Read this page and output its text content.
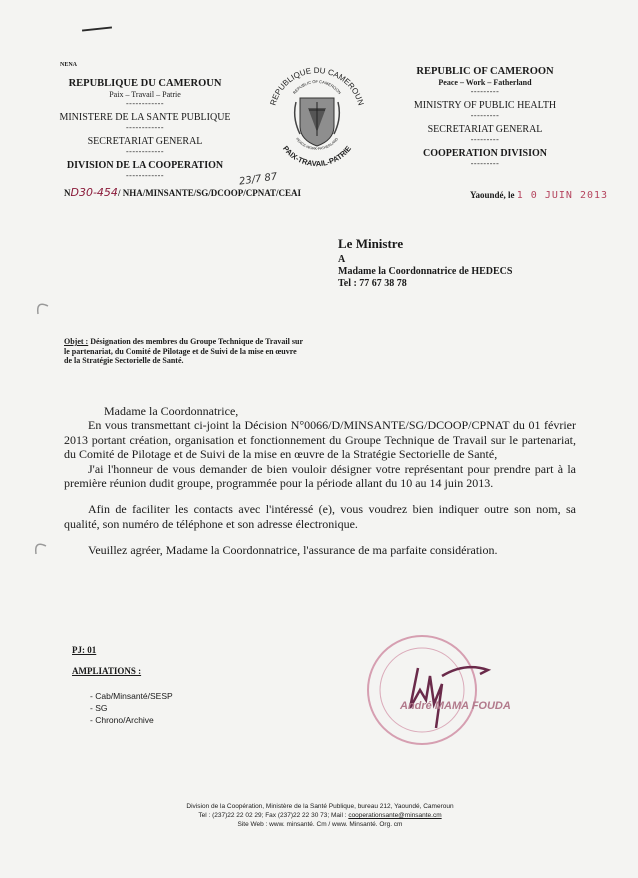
NENA
REPUBLIQUE DU CAMEROUN
Paix – Travail – Patrie
------------
MINISTERE DE LA SANTE PUBLIQUE
------------
SECRETARIAT GENERAL
------------
DIVISION DE LA COOPERATION
------------
REPUBLIQUE DU CAMEROUN
REPUBLIC OF CAMEROON
PEACE-WORK-FATHERLAND
PAIX-TRAVAIL-PATRIE
REPUBLIC OF CAMEROON
Peace – Work – Fatherland
---------
MINISTRY OF PUBLIC HEALTH
---------
SECRETARIAT GENERAL
---------
COOPERATION DIVISION
---------
ND30-454/ NHA/MINSANTE/SG/DCOOP/CPNAT/CEAI
23/7 87
Yaoundé, le 1 0 JUIN 2013
Le Ministre
A
Madame la Coordonnatrice de HEDECS
Tel : 77 67 38 78
Objet : Désignation des membres du Groupe Technique de Travail sur le partenariat, du Comité de Pilotage et de Suivi de la mise en œuvre de la Stratégie Sectorielle de Santé.

Madame la Coordonnatrice,

En vous transmettant ci-joint la Décision N°0066/D/MINSANTE/SG/DCOOP/CPNAT du 01 février 2013 portant création, organisation et fonctionnement du Groupe Technique de Travail sur le partenariat, du Comité de Pilotage et de Suivi de la mise en œuvre de la Stratégie Sectorielle de Santé,

J'ai l'honneur de vous demander de bien vouloir désigner votre représentant pour prendre part à la première réunion dudit groupe, programmée pour la période allant du 10 au 14 juin 2013.

Afin de faciliter les contacts avec l'intéressé (e), vous voudrez bien indiquer outre son nom, sa qualité, son numéro de téléphone et son adresse électronique.

Veuillez agréer, Madame la Coordonnatrice, l'assurance de ma parfaite considération.

PJ: 01
AMPLIATIONS :
- Cab/Minsanté/SESP
- SG
- Chrono/Archive
André MAMA FOUDA
Division de la Coopération, Ministère de la Santé Publique, bureau 212, Yaoundé, Cameroun
Tel : (237)22 22 02 29; Fax (237)22 22 30 73; Mail : cooperationsante@minsante.cm
Site Web : www. minsanté. Cm / www. Minsanté. Org. cm
